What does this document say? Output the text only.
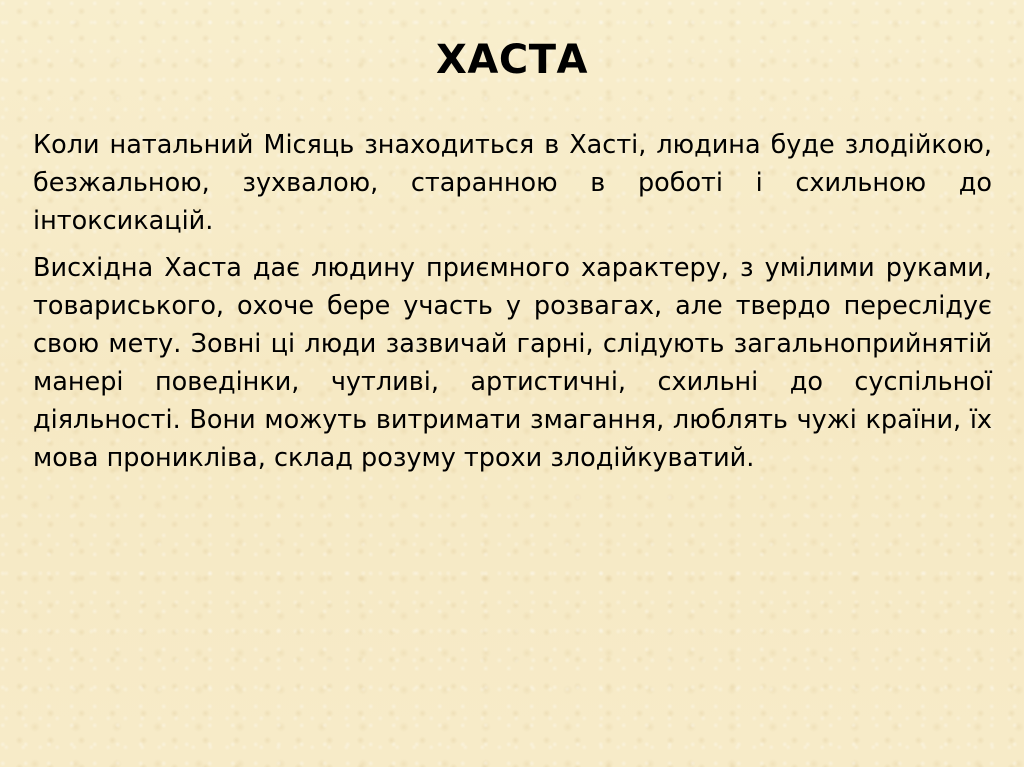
ХАСТА

Коли натальний Місяць знаходиться в Хасті, людина буде злодійкою, безжальною, зухвалою, старанною в роботі і схильною до інтоксикацій.

Висхідна Хаста дає людину приємного характеру, з умілими руками, товариського, охоче бере участь у розвагах, але твердо переслідує свою мету. Зовні ці люди зазвичай гарні, слідують загальноприйнятій манері поведінки, чутливі, артистичні, схильні до суспільної діяльності. Вони можуть витримати змагання, люблять чужі країни, їх мова проникліва, склад розуму трохи злодійкуватий.
